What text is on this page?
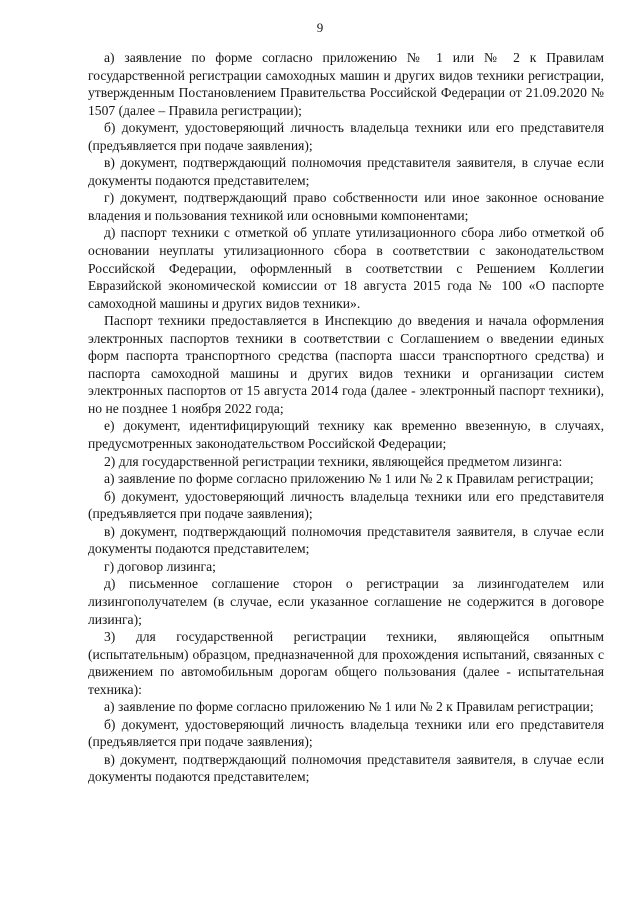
9

а) заявление по форме согласно приложению № 1 или № 2 к Правилам государственной регистрации самоходных машин и других видов техники регистрации, утвержденным Постановлением Правительства Российской Федерации от 21.09.2020 № 1507 (далее – Правила регистрации);

б) документ, удостоверяющий личность владельца техники или его представителя (предъявляется при подаче заявления);

в) документ, подтверждающий полномочия представителя заявителя, в случае если документы подаются представителем;

г) документ, подтверждающий право собственности или иное законное основание владения и пользования техникой или основными компонентами;

д) паспорт техники с отметкой об уплате утилизационного сбора либо отметкой об основании неуплаты утилизационного сбора в соответствии с законодательством Российской Федерации, оформленный в соответствии с Решением Коллегии Евразийской экономической комиссии от 18 августа 2015 года № 100 «О паспорте самоходной машины и других видов техники».

Паспорт техники предоставляется в Инспекцию до введения и начала оформления электронных паспортов техники в соответствии с Соглашением о введении единых форм паспорта транспортного средства (паспорта шасси транспортного средства) и паспорта самоходной машины и других видов техники и организации систем электронных паспортов от 15 августа 2014 года (далее - электронный паспорт техники), но не позднее 1 ноября 2022 года;

е) документ, идентифицирующий технику как временно ввезенную, в случаях, предусмотренных законодательством Российской Федерации;

2) для государственной регистрации техники, являющейся предметом лизинга:

а) заявление по форме согласно приложению № 1 или № 2 к Правилам регистрации;

б) документ, удостоверяющий личность владельца техники или его представителя (предъявляется при подаче заявления);

в) документ, подтверждающий полномочия представителя заявителя, в случае если документы подаются представителем;

г) договор лизинга;

д) письменное соглашение сторон о регистрации за лизингодателем или лизингополучателем (в случае, если указанное соглашение не содержится в договоре лизинга);

3) для государственной регистрации техники, являющейся опытным (испытательным) образцом, предназначенной для прохождения испытаний, связанных с движением по автомобильным дорогам общего пользования (далее - испытательная техника):

а) заявление по форме согласно приложению № 1 или № 2 к Правилам регистрации;

б) документ, удостоверяющий личность владельца техники или его представителя (предъявляется при подаче заявления);

в) документ, подтверждающий полномочия представителя заявителя, в случае если документы подаются представителем;
